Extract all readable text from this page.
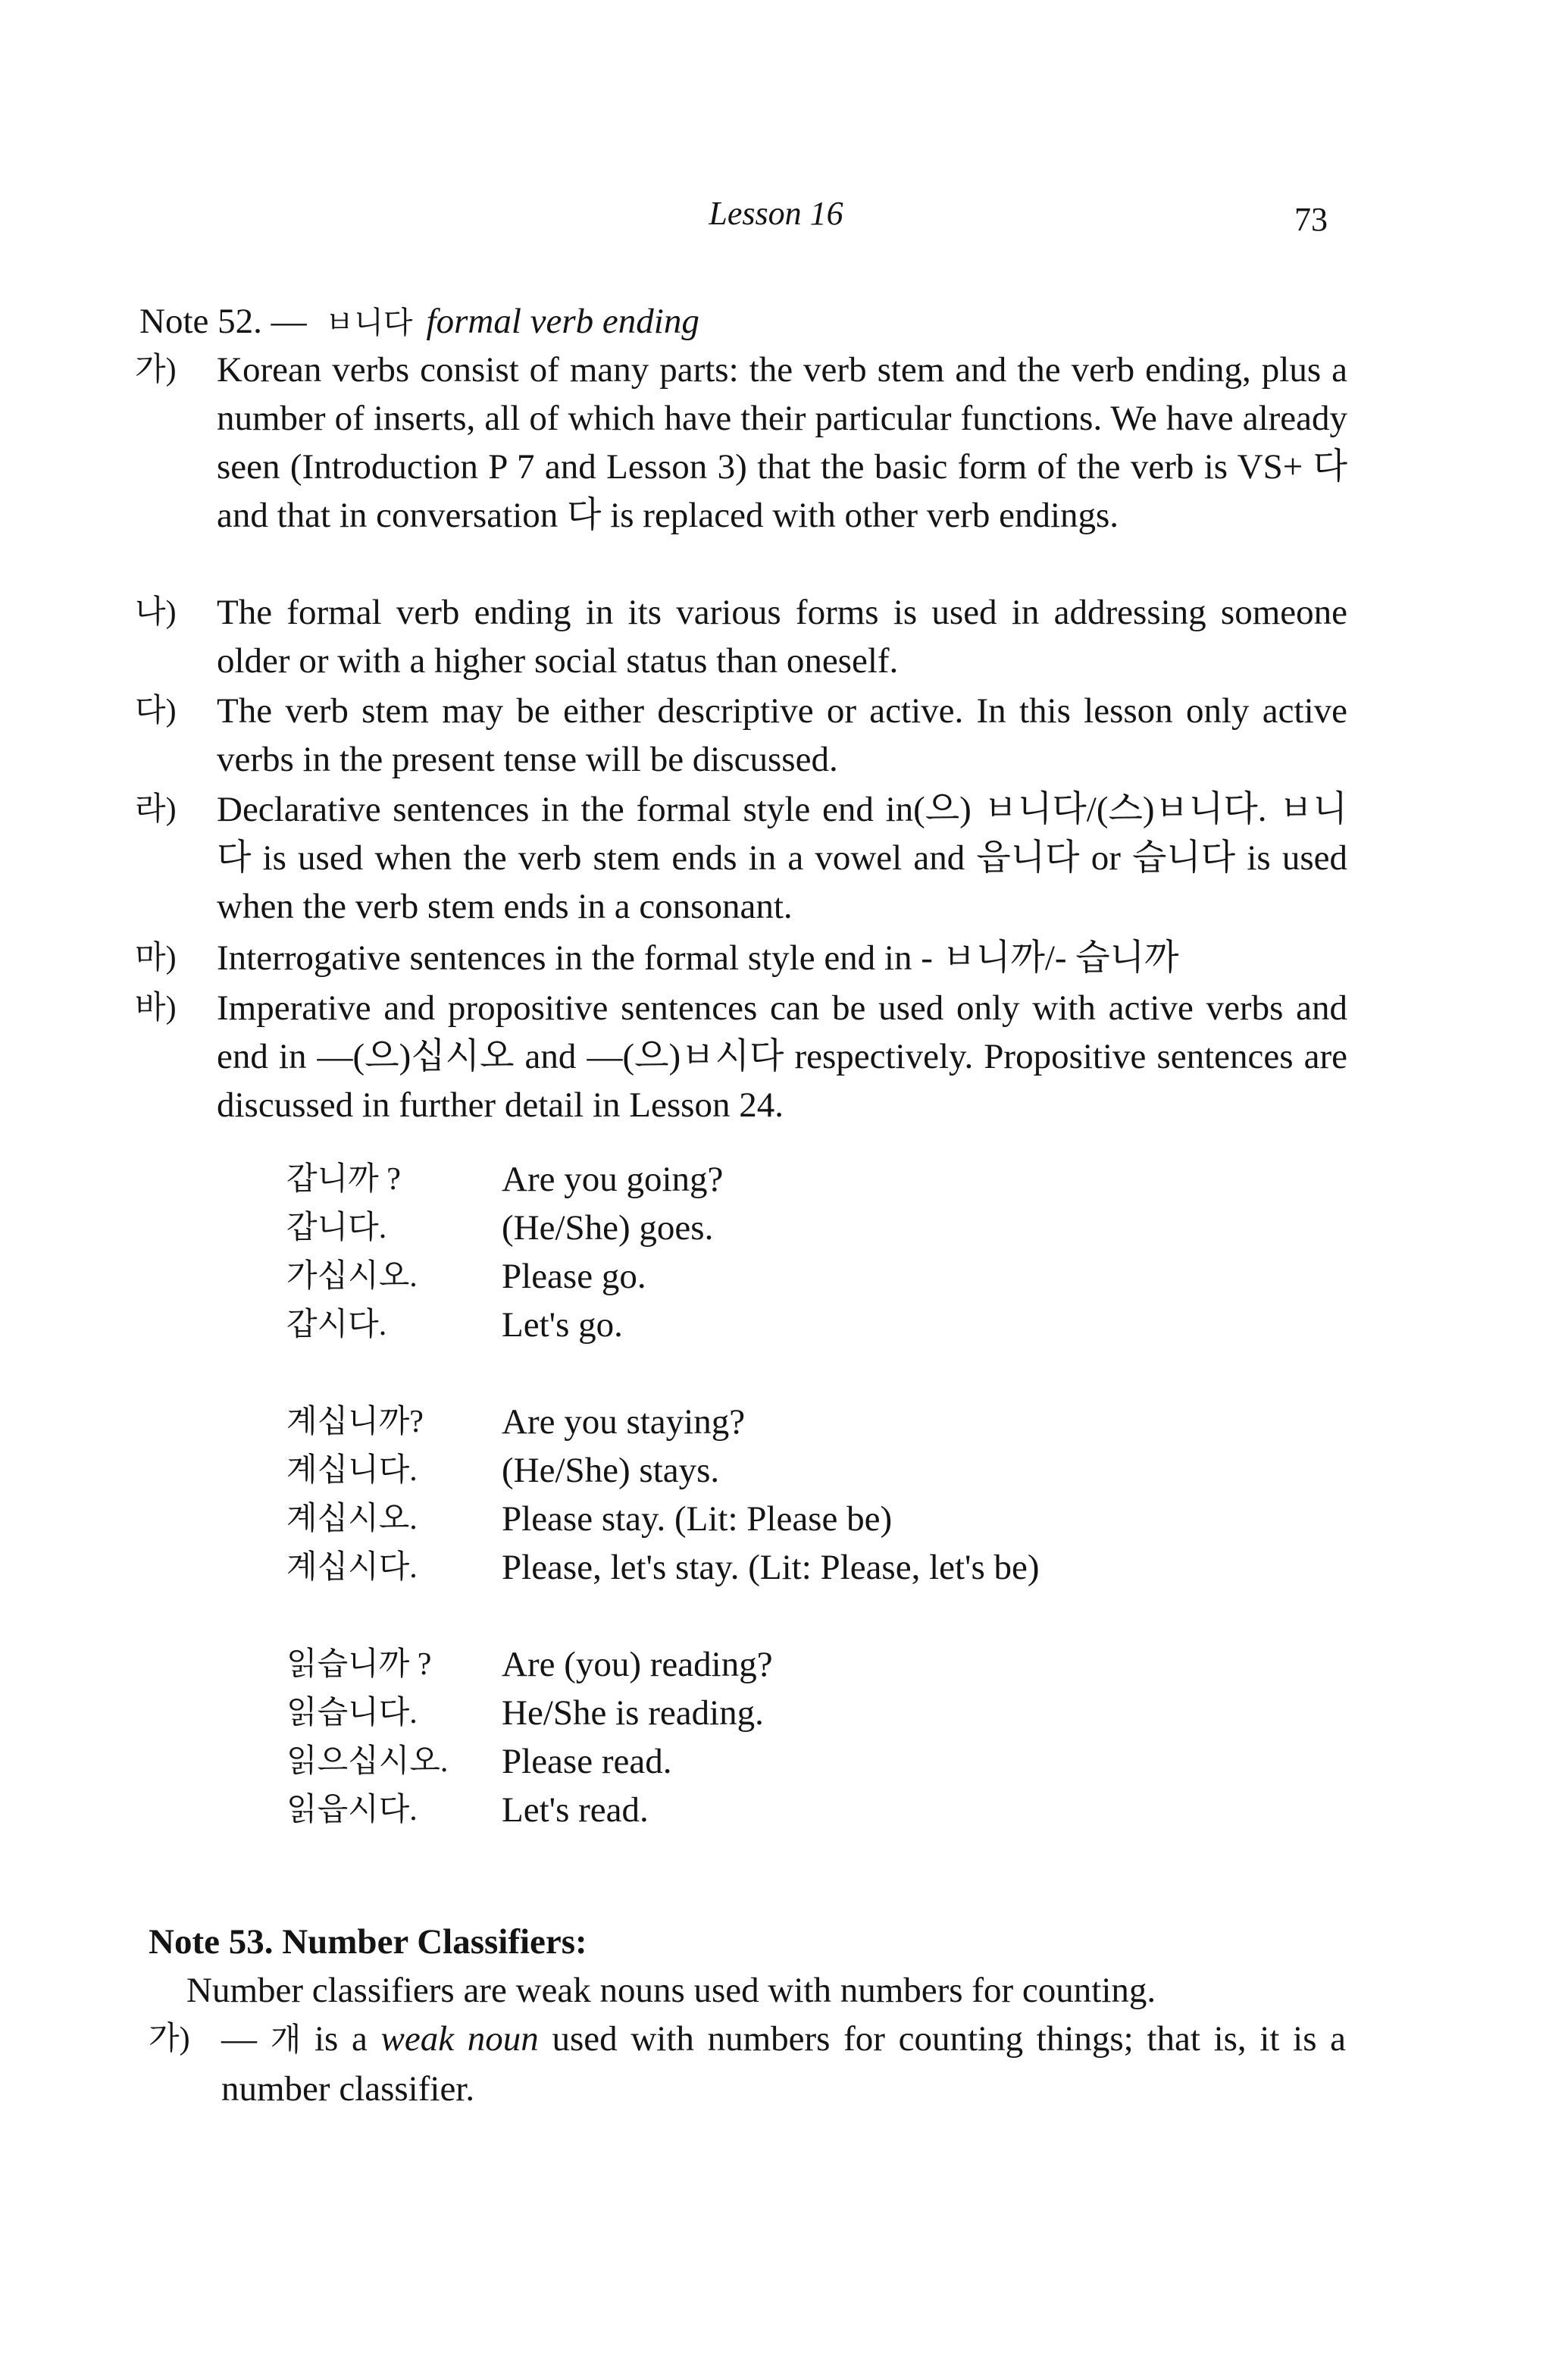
Lesson 16	73
Note 52. — ㅂ니다 formal verb ending
가)	Korean verbs consist of many parts: the verb stem and the verb ending, plus a number of inserts, all of which have their particular functions. We have already seen (Introduction P 7 and Lesson 3) that the basic form of the verb is VS+ 다 and that in conversation 다 is replaced with other verb endings.
나)	The formal verb ending in its various forms is used in addressing someone older or with a higher social status than oneself.
다)	The verb stem may be either descriptive or active. In this lesson only active verbs in the present tense will be discussed.
라)	Declarative sentences in the formal style end in(으) ㅂ니다/(스)ㅂ니다. ㅂ니다 is used when the verb stem ends in a vowel and 읍니다 or 습니다 is used when the verb stem ends in a consonant.
마)	Interrogative sentences in the formal style end in - ㅂ니까/- 습니까
바)	Imperative and propositive sentences can be used only with active verbs and end in —(으)십시오 and —(으)ㅂ시다 respectively. Propositive sentences are discussed in further detail in Lesson 24.
갑니까 ?	Are you going?
갑니다.	(He/She) goes.
가십시오. Please go.
갑시다.	Let's go.
계십니까? Are you staying?
계십니다. (He/She) stays.
계십시오. Please stay. (Lit: Please be)
계십시다. Please, let's stay. (Lit: Please, let's be)
읽습니까 ? Are (you) reading?
읽습니다. He/She is reading.
읽으십시오. Please read.
읽읍시다. Let's read.
Note 53. Number Classifiers:
Number classifiers are weak nouns used with numbers for counting.
가) — 개 is a weak noun used with numbers for counting things; that is, it is a number classifier.
